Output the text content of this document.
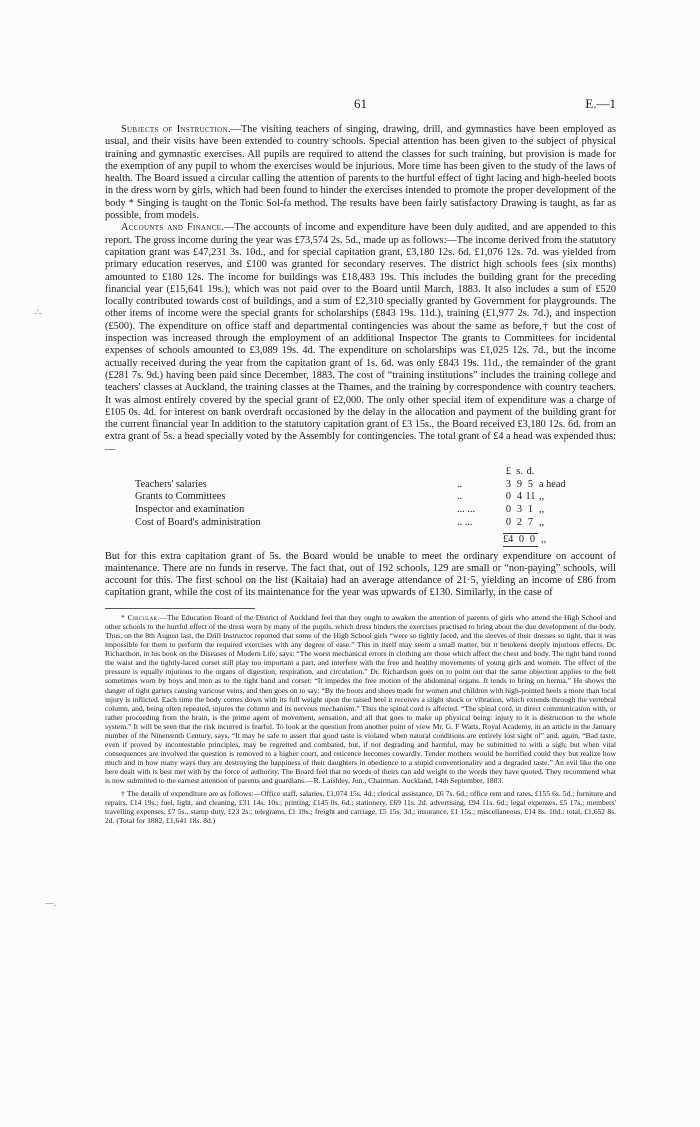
61	E.—1
-'-
—.

Subjects of Instruction.—The visiting teachers of singing, drawing, drill, and gymnastics have been employed as usual, and their visits have been extended to country schools. Special attention has been given to the subject of physical training and gymnastic exercises. All pupils are required to attend the classes for such training, but provision is made for the exemption of any pupil to whom the exercises would be injurious. More time has been given to the study of the laws of health. The Board issued a circular calling the attention of parents to the hurtful effect of tight lacing and high-heeled boots in the dress worn by girls, which had been found to hinder the exercises intended to promote the proper development of the body * Singing is taught on the Tonic Sol-fa method. The results have been fairly satisfactory Drawing is taught, as far as possible, from models.

Accounts and Finance.—The accounts of income and expenditure have been duly audited, and are appended to this report. The gross income during the year was £73,574 2s. 5d., made up as follows:—The income derived from the statutory capitation grant was £47,231 3s. 10d., and for special capitation grant, £3,180 12s. 6d. £1,076 12s. 7d. was yielded from primary education reserves, and £100 was granted for secondary reserves. The district high schools fees (six months) amounted to £180 12s. The income for buildings was £18,483 19s. This includes the building grant for the preceding financial year (£15,641 19s.), which was not paid over to the Board until March, 1883. It also includes a sum of £520 locally contributed towards cost of buildings, and a sum of £2,310 specially granted by Government for playgrounds. The other items of income were the special grants for scholarships (£843 19s. 11d.), training (£1,977 2s. 7d.), and inspection (£500). The expenditure on office staff and departmental contingencies was about the same as before,† but the cost of inspection was increased through the employment of an additional Inspector The grants to Committees for incidental expenses of schools amounted to £3,089 19s. 4d. The expenditure on scholarships was £1,025 12s. 7d., but the income actually received during the year from the capitation grant of 1s. 6d. was only £843 19s. 11d., the remainder of the grant (£281 7s. 9d.) having been paid since December, 1883. The cost of “training institutions” includes the training college and teachers' classes at Auckland, the training classes at the Thames, and the training by correspondence with country teachers. It was almost entirely covered by the special grant of £2,000. The only other special item of expenditure was a charge of £105 0s. 4d. for interest on bank overdraft occasioned by the delay in the allocation and payment of the building grant for the current financial year In addition to the statutory capitation grant of £3 15s., the Board received £3,180 12s. 6d. from an extra grant of 5s. a head specially voted by the Assembly for contingencies. The total grant of £4 a head was expended thus:—

£ s. d.
Teachers' salaries	..	3 9 5 a head
Grants to Committees	..	0 4 11 ,,
Inspector and examination	... ...	0 3 1 ,,
Cost of Board's administration	.. ...	0 2 7 ,,
£4 0 0 ,,

But for this extra capitation grant of 5s. the Board would be unable to meet the ordinary expenditure on account of maintenance. There are no funds in reserve. The fact that, out of 192 schools, 129 are small or “non-paying” schools, will account for this. The first school on the list (Kaitaia) had an average attendance of 21·5, yielding an income of £86 from capitation grant, while the cost of its maintenance for the year was upwards of £130. Similarly, in the case of

* Circular.—The Education Board of the District of Auckland feel that they ought to awaken the attention of parents of girls who attend the High School and other schools to the hurtful effect of the dress worn by many of the pupils, which dress hinders the exercises practised to bring about the due development of the body. Thus, on the 8th August last, the Drill Instructor reported that some of the High School girls “were so tightly laced, and the sleeves of their dresses so tight, that it was impossible for them to perform the required exercises with any degree of ease.” This in itself may seem a small matter, but it betokens deeply injurious effects. Dr. Richardson, in his book on the Diseases of Modern Life, says: “The worst mechanical errors in clothing are those which affect the chest and body. The tight band round the waist and the tightly-laced corset still play too important a part, and interfere with the free and healthy movements of young girls and women. The effect of the pressure is equally injurious to the organs of digestion, respiration, and circulation.” Dr. Richardson goes on to point out that the same objection applies to the belt sometimes worn by boys and men as to the tight band and corset: “It impedes the free motion of the abdominal organs. It tends to bring on hernia.” He shows the danger of tight garters causing varicose veins, and then goes on to say: “By the boots and shoes made for women and children with high-pointed heels a more than local injury is inflicted. Each time the body comes down with its full weight upon the raised heel it receives a slight shock or vibration, which extends through the vertebral column, and, being often repeated, injures the column and its nervous mechanism.” Thus the spinal cord is affected. “The spinal cord, in direct communication with, or rather proceeding from the brain, is the prime agent of movement, sensation, and all that goes to make up physical being: injury to it is destruction to the whole system.” It will be seen that the risk incurred is fearful. To look at the question from another point of view Mr. G. F Watts, Royal Academy, in an article in the January number of the Nineteenth Century, says, “It may be safe to assert that good taste is violated when natural conditions are entirely lost sight of” and, again, “Bad taste, even if proved by incontestable principles, may be regretted and combated, but, if not degrading and harmful, may be submitted to with a sigh; but when vital consequences are involved the question is removed to a higher court, and reticence becomes cowardly. Tender mothers would be horrified could they but realize how much and in how many ways they are destroying the happiness of their daughters in obedience to a stupid conventionality and a degraded taste.” An evil like the one here dealt with is best met with by the force of authority. The Board feel that no words of theirs can add weight to the words they have quoted. They recommend what is now submitted to the earnest attention of parents and guardians.—R. Laishley, Jun., Chairman. Auckland, 14th September, 1883.

† The details of expenditure are as follows:—Office staff, salaries, £1,074 15s. 4d.; clerical assistance, £6 7s. 6d.; office rent and rates, £155 6s. 5d.; furniture and repairs, £14 19s.; fuel, light, and cleaning, £31 14s. 10s.; printing, £145 0s. 6d.; stationery, £69 11s. 2d. advertising, £94 11s. 6d.; legal expenses, £5 17s.; members' travelling expenses, £7 5s., stamp duty, £23 2s.; telegrams, £1 19s.; freight and carriage, £5 15s. 3d.; insurance, £1 15s.; miscellaneous, £14 8s. 10d.: total, £1,652 8s. 2d. (Total for 1882, £1,641 18s. 8d.)
